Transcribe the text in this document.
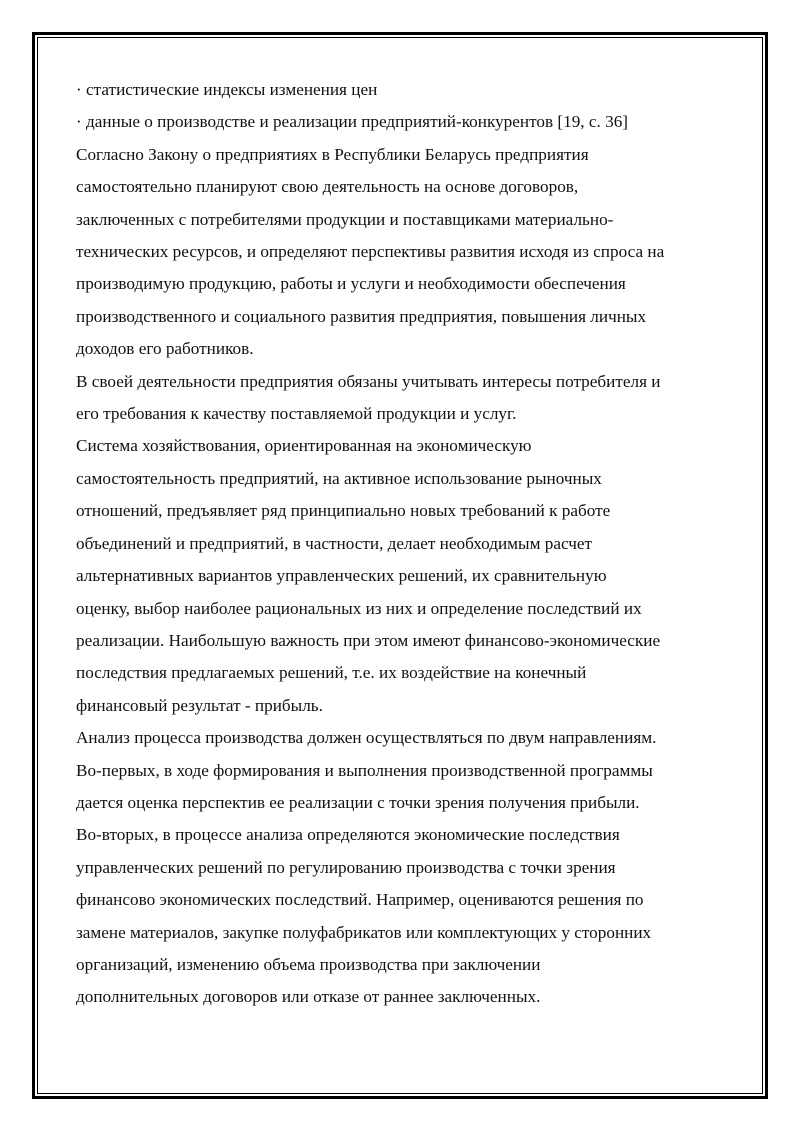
· статистические индексы изменения цен
· данные о производстве и реализации предприятий-конкурентов [19, с. 36]
Согласно Закону о предприятиях в Республики Беларусь предприятия
самостоятельно планируют свою деятельность на основе договоров,
заключенных с потребителями продукции и поставщиками материально-
технических ресурсов, и определяют перспективы развития исходя из спроса на
производимую продукцию, работы и услуги и необходимости обеспечения
производственного и социального развития предприятия, повышения личных
доходов его работников.
В своей деятельности предприятия обязаны учитывать интересы потребителя и
его требования к качеству поставляемой продукции и услуг.
Система хозяйствования, ориентированная на экономическую
самостоятельность предприятий, на активное использование рыночных
отношений, предъявляет ряд принципиально новых требований к работе
объединений и предприятий, в частности, делает необходимым расчет
альтернативных вариантов управленческих решений, их сравнительную
оценку, выбор наиболее рациональных из них и определение последствий их
реализации. Наибольшую важность при этом имеют финансово-экономические
последствия предлагаемых решений, т.е. их воздействие на конечный
финансовый результат - прибыль.
Анализ процесса производства должен осуществляться по двум направлениям.
Во-первых, в ходе формирования и выполнения производственной программы
дается оценка перспектив ее реализации с точки зрения получения прибыли.
Во-вторых, в процессе анализа определяются экономические последствия
управленческих решений по регулированию производства с точки зрения
финансово экономических последствий. Например, оцениваются решения по
замене материалов, закупке полуфабрикатов или комплектующих у сторонних
организаций, изменению объема производства при заключении
дополнительных договоров или отказе от раннее заключенных.
